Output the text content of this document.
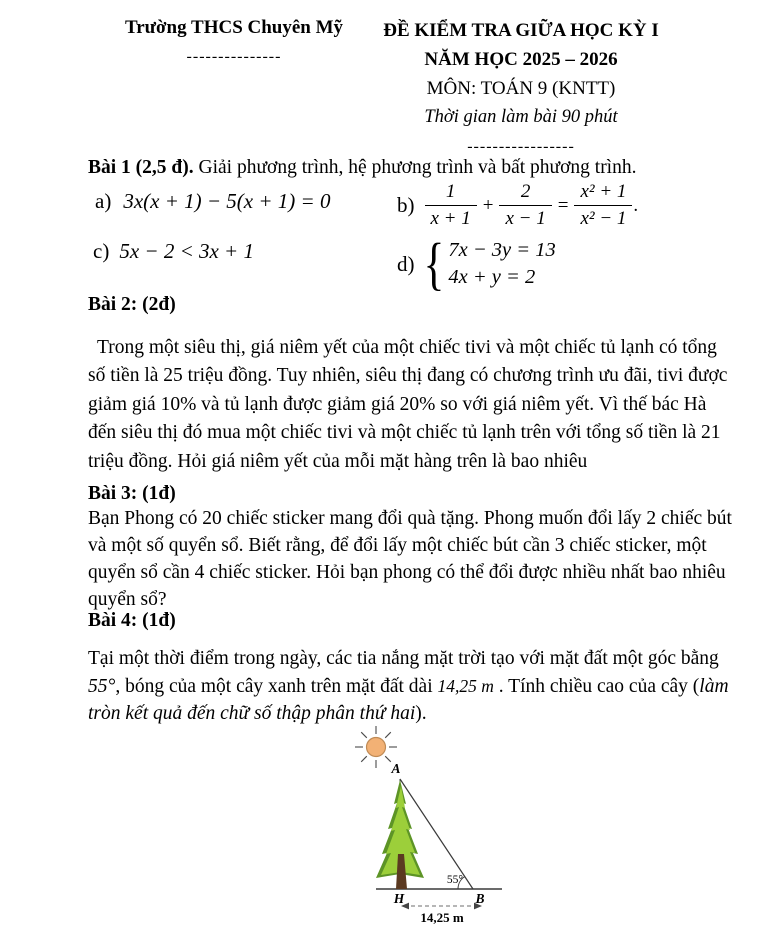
Trường THCS Chuyên Mỹ
---------------
ĐỀ KIỂM TRA GIỮA HỌC KỲ I
NĂM HỌC 2025 – 2026
MÔN: TOÁN 9 (KNTT)
Thời gian làm bài 90 phút
-----------------
Bài 1 (2,5 đ). Giải phương trình, hệ phương trình và bất phương trình.
a) 3x(x + 1) − 5(x + 1) = 0	$b) \frac{1}{x + 1} + \frac{2}{x - 1} = \frac{\text{x² + 1}}{\text{x² − 1}}$ .
c) 5x − 2 < 3x + 1
d) { 7x − 3y = 13
4x + y = 2
Bài 2: (2đ)
Trong một siêu thị, giá niêm yết của một chiếc tivi và một chiếc tủ lạnh có tổng
số tiền là 25 triệu đồng. Tuy nhiên, siêu thị đang có chương trình ưu đãi, tivi được
giảm giá 10% và tủ lạnh được giảm giá 20% so với giá niêm yết. Vì thế bác Hà
đến siêu thị đó mua một chiếc tivi và một chiếc tủ lạnh trên với tổng số tiền là 21
triệu đồng. Hỏi giá niêm yết của mỗi mặt hàng trên là bao nhiêu
Bài 3: (1đ)
Bạn Phong có 20 chiếc sticker mang đổi quà tặng. Phong muốn đổi lấy 2 chiếc bút
và một số quyển sổ. Biết rằng, để đổi lấy một chiếc bút cần 3 chiếc sticker, một
quyển sổ cần 4 chiếc sticker. Hỏi bạn phong có thể đổi được nhiều nhất bao nhiêu
quyển sổ?
Bài 4: (1đ)
Tại một thời điểm trong ngày, các tia nắng mặt trời tạo với mặt đất một góc bằng
55°, bóng của một cây xanh trên mặt đất dài 14,25 m . Tính chiều cao của cây (làm
tròn kết quả đến chữ số thập phân thứ hai).
A
H	B
55°
14,25 m
